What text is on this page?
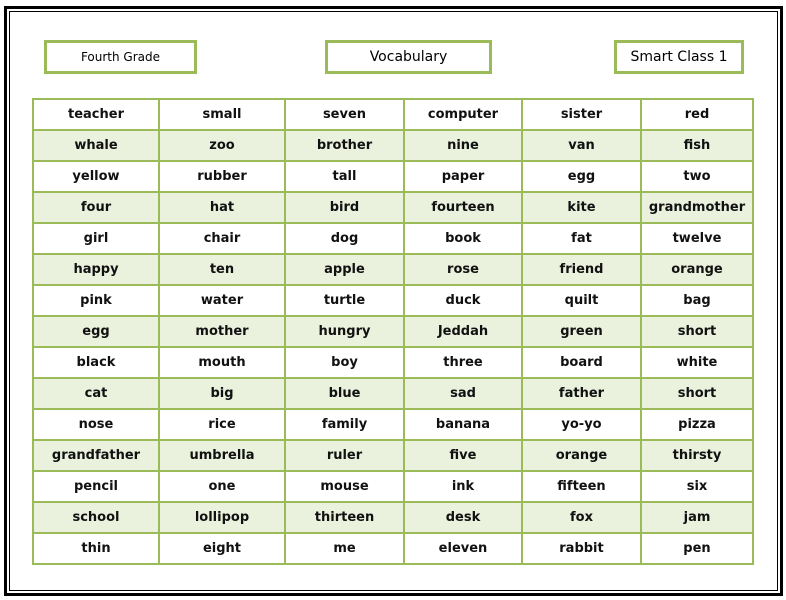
Fourth Grade	Vocabulary	Smart Class 1
teacher	small	seven	computer	sister	red
whale	zoo	brother	nine	van	fish
yellow	rubber	tall	paper	egg	two
four	hat	bird	fourteen	kite	grandmother
girl	chair	dog	book	fat	twelve
happy	ten	apple	rose	friend	orange
pink	water	turtle	duck	quilt	bag
egg	mother	hungry	Jeddah	green	short
black	mouth	boy	three	board	white
cat	big	blue	sad	father	short
nose	rice	family	banana	yo-yo	pizza
grandfather	umbrella	ruler	five	orange	thirsty
pencil	one	mouse	ink	fifteen	six
school	lollipop	thirteen	desk	fox	jam
thin	eight	me	eleven	rabbit	pen
